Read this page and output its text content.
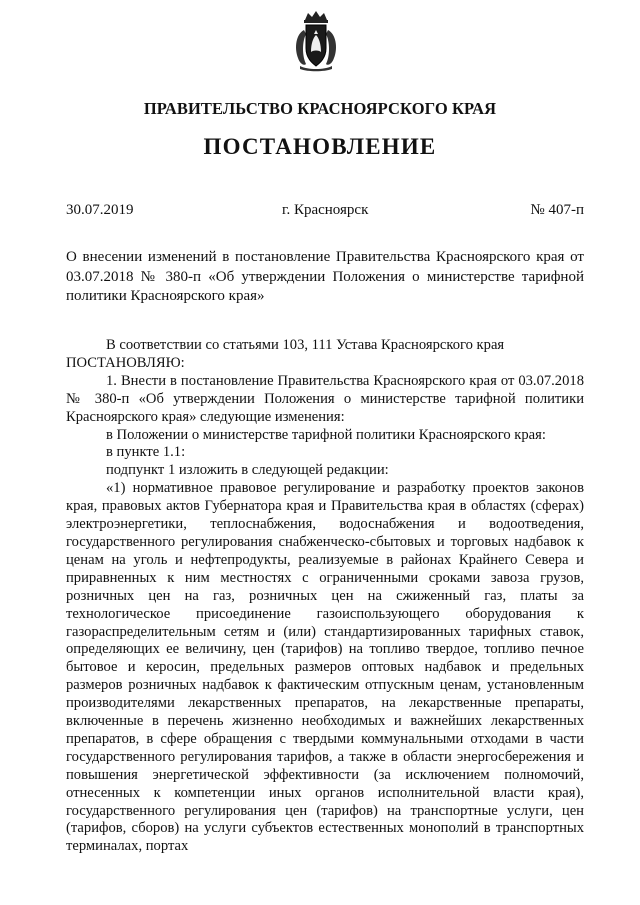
ПРАВИТЕЛЬСТВО КРАСНОЯРСКОГО КРАЯ
ПОСТАНОВЛЕНИЕ
30.07.2019	г. Красноярск	№ 407-п
О внесении изменений в постановление Правительства Красноярского края от 03.07.2018 № 380-п «Об утверждении Положения о министерстве тарифной политики Красноярского края»

В соответствии со статьями 103, 111 Устава Красноярского края

ПОСТАНОВЛЯЮ:

1. Внести в постановление Правительства Красноярского края от 03.07.2018 № 380-п «Об утверждении Положения о министерстве тарифной политики Красноярского края» следующие изменения:

в Положении о министерстве тарифной политики Красноярского края:

в пункте 1.1:

подпункт 1 изложить в следующей редакции:

«1) нормативное правовое регулирование и разработку проектов законов края, правовых актов Губернатора края и Правительства края в областях (сферах) электроэнергетики, теплоснабжения, водоснабжения и водоотведения, государственного регулирования снабженческо-сбытовых и торговых надбавок к ценам на уголь и нефтепродукты, реализуемые в районах Крайнего Севера и приравненных к ним местностях с ограниченными сроками завоза грузов, розничных цен на газ, розничных цен на сжиженный газ, платы за технологическое присоединение газоиспользующего оборудования к газораспределительным сетям и (или) стандартизированных тарифных ставок, определяющих ее величину, цен (тарифов) на топливо твердое, топливо печное бытовое и керосин, предельных размеров оптовых надбавок и предельных размеров розничных надбавок к фактическим отпускным ценам, установленным производителями лекарственных препаратов, на лекарственные препараты, включенные в перечень жизненно необходимых и важнейших лекарственных препаратов, в сфере обращения с твердыми коммунальными отходами в части государственного регулирования тарифов, а также в области энергосбережения и повышения энергетической эффективности (за исключением полномочий, отнесенных к компетенции иных органов исполнительной власти края), государственного регулирования цен (тарифов) на транспортные услуги, цен (тарифов, сборов) на услуги субъектов естественных монополий в транспортных терминалах, портах
